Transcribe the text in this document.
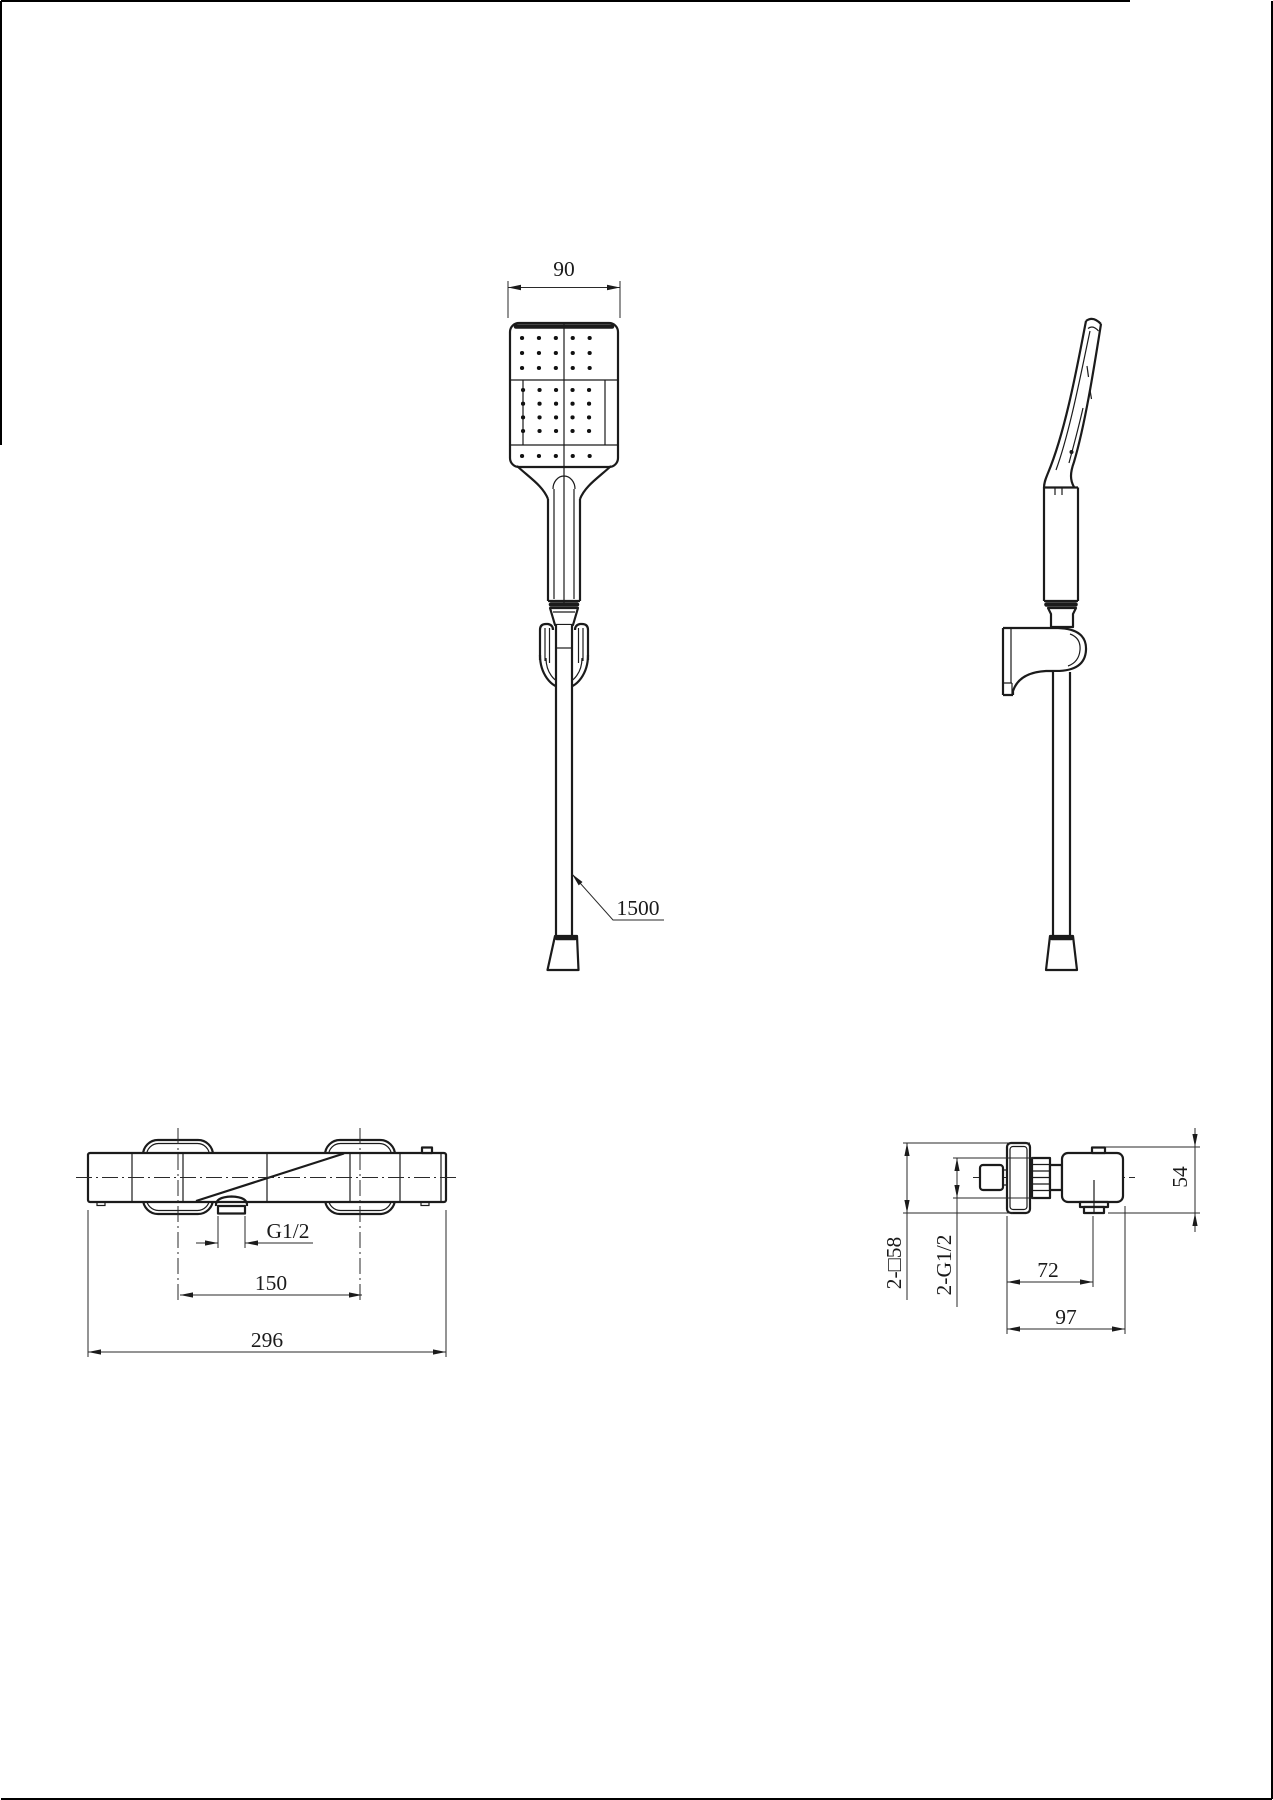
90
1500
G1/2
150
296
54
2-□58 2-G1/2	72
97
